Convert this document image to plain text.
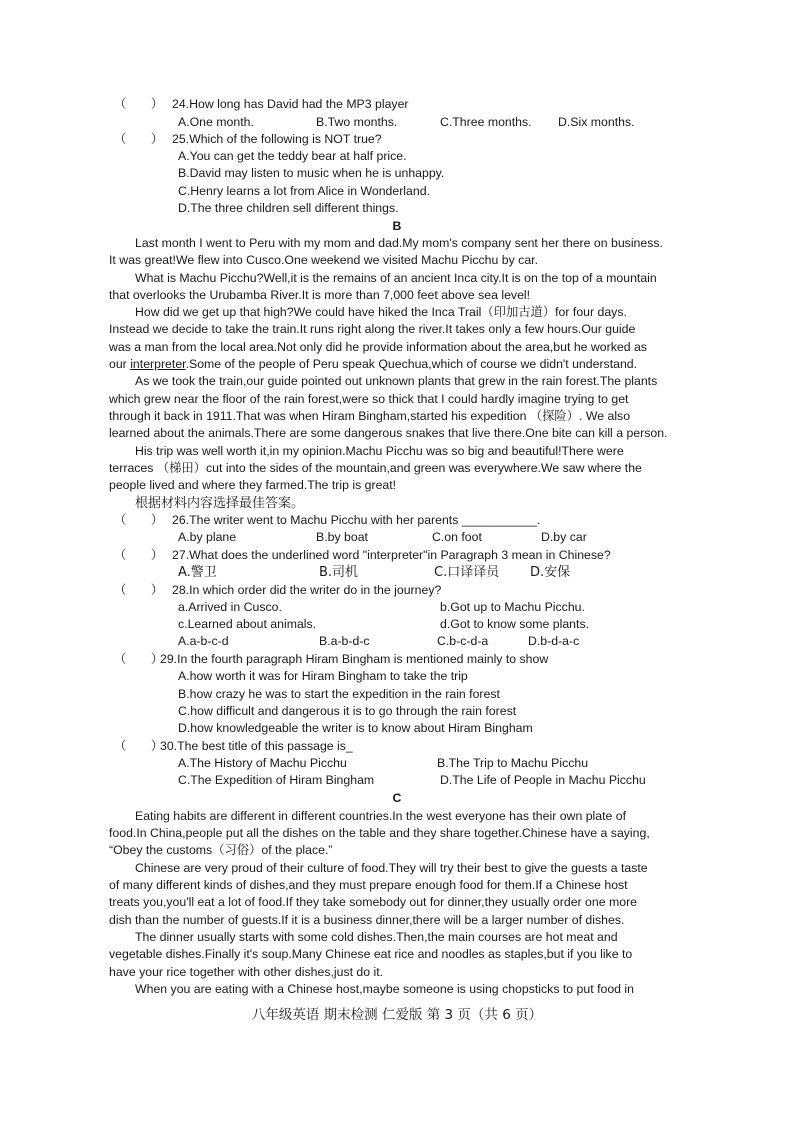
（　　） 24.How long has David had the MP3 player
A.One month.	B.Two months.	C.Three months. D.Six months.
（　　） 25.Which of the following is NOT true?
A.You can get the teddy bear at half price.
B.David may listen to music when he is unhappy.
C.Henry learns a lot from Alice in Wonderland.
D.The three children sell different things.
B
Last month I went to Peru with my mom and dad.My mom's company sent her there on business.
It was great!We flew into Cusco.One weekend we visited Machu Picchu by car.
What is Machu Picchu?Well,it is the remains of an ancient Inca city.It is on the top of a mountain
that overlooks the Urubamba River.It is more than 7,000 feet above sea level!
How did we get up that high?We could have hiked the Inca Trail（印加古道）for four days.
Instead we decide to take the train.It runs right along the river.It takes only a few hours.Our guide
was a man from the local area.Not only did he provide information about the area,but he worked as
our interpreter.Some of the people of Peru speak Quechua,which of course we didn't understand.
As we took the train,our guide pointed out unknown plants that grew in the rain forest.The plants
which grew near the floor of the rain forest,were so thick that I could hardly imagine trying to get
through it back in 1911.That was when Hiram Bingham,started his expedition （探险）. We also
learned about the animals.There are some dangerous snakes that live there.One bite can kill a person.
His trip was well worth it,in my opinion.Machu Picchu was so big and beautiful!There were
terraces （梯田）cut into the sides of the mountain,and green was everywhere.We saw where the
people lived and where they farmed.The trip is great!
根据材料内容选择最佳答案。
（　　） 26.The writer went to Machu Picchu with her parents ___________.
A.by plane	B.by boat	C.on foot	D.by car
（　　） 27.What does the underlined word "interpreter"in Paragraph 3 mean in Chinese?
A.警卫	B.司机	C.口译译员 D.安保
（　　） 28.In which order did the writer do in the journey?
a.Arrived in Cusco.	b.Got up to Machu Picchu.
c.Learned about animals.	d.Got to know some plants.
A.a-b-c-d	B.a-b-d-c	C.b-c-d-a	D.b-d-a-c
（　　）
29.In the fourth paragraph Hiram Bingham is mentioned mainly to show
A.how worth it was for Hiram Bingham to take the trip
B.how crazy he was to start the expedition in the rain forest
C.how difficult and dangerous it is to go through the rain forest
D.how knowledgeable the writer is to know about Hiram Bingham
（　　）
30.The best title of this passage is_
A.The History of Machu Picchu	B.The Trip to Machu Picchu
C.The Expedition of Hiram Bingham	D.The Life of People in Machu Picchu
C
Eating habits are different in different countries.In the west everyone has their own plate of
food.In China,people put all the dishes on the table and they share together.Chinese have a saying,
“Obey the customs（习俗）of the place.”
Chinese are very proud of their culture of food.They will try their best to give the guests a taste
of many different kinds of dishes,and they must prepare enough food for them.If a Chinese host
treats you,you'll eat a lot of food.If they take somebody out for dinner,they usually order one more
dish than the number of guests.If it is a business dinner,there will be a larger number of dishes.
The dinner usually starts with some cold dishes.Then,the main courses are hot meat and
vegetable dishes.Finally it's soup.Many Chinese eat rice and noodles as staples,but if you like to
have your rice together with other dishes,just do it.
When you are eating with a Chinese host,maybe someone is using chopsticks to put food in
八年级英语 期末检测 仁爱版 第 3 页（共 6 页）
